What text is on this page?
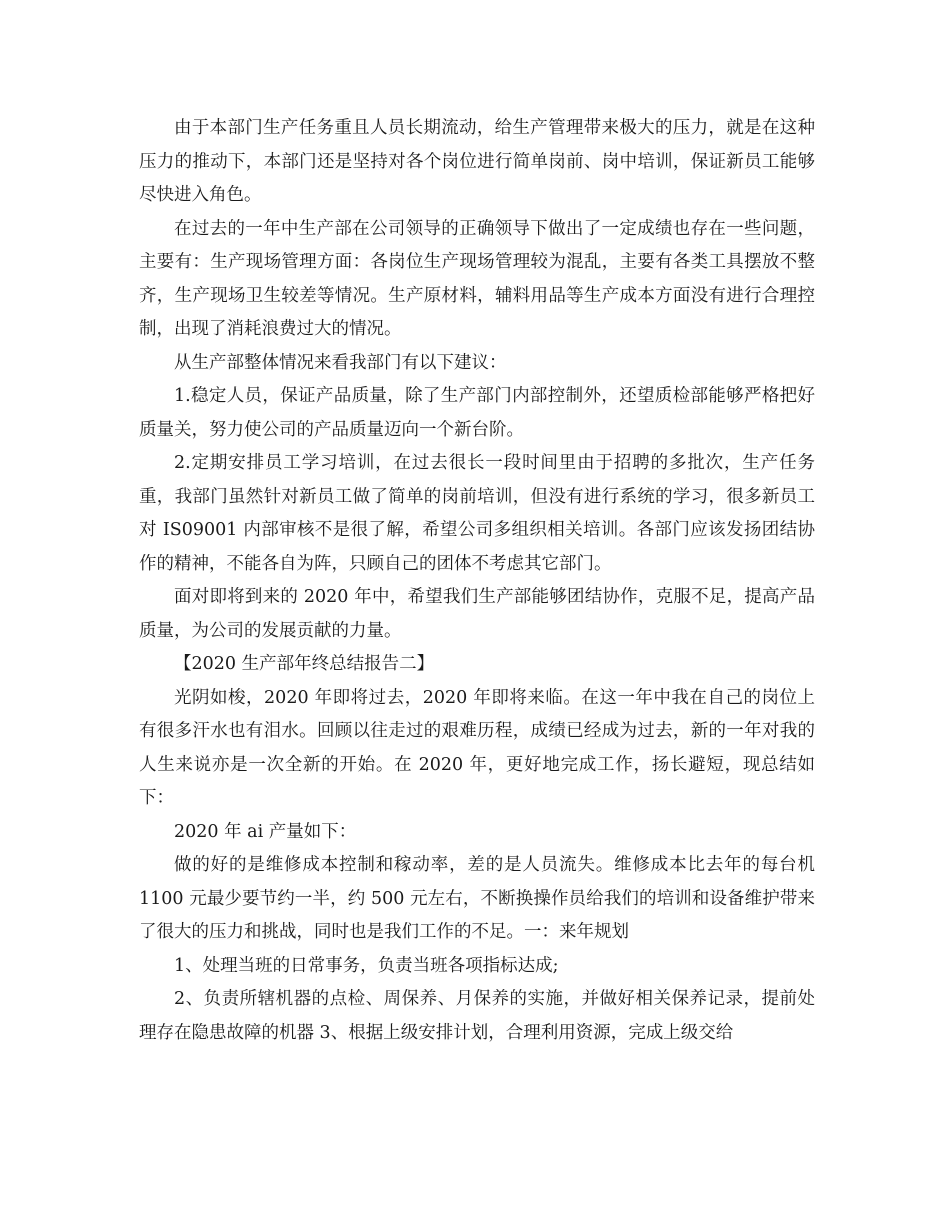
由于本部门生产任务重且人员长期流动，给生产管理带来极大的压力，就是在这种压力的推动下，本部门还是坚持对各个岗位进行简单岗前、岗中培训，保证新员工能够尽快进入角色。

在过去的一年中生产部在公司领导的正确领导下做出了一定成绩也存在一些问题，主要有：生产现场管理方面：各岗位生产现场管理较为混乱，主要有各类工具摆放不整齐，生产现场卫生较差等情况。生产原材料，辅料用品等生产成本方面没有进行合理控制，出现了消耗浪费过大的情况。

从生产部整体情况来看我部门有以下建议：

1.稳定人员，保证产品质量，除了生产部门内部控制外，还望质检部能够严格把好质量关，努力使公司的产品质量迈向一个新台阶。

2.定期安排员工学习培训，在过去很长一段时间里由于招聘的多批次，生产任务重，我部门虽然针对新员工做了简单的岗前培训，但没有进行系统的学习，很多新员工对 IS09001 内部审核不是很了解，希望公司多组织相关培训。各部门应该发扬团结协作的精神，不能各自为阵，只顾自己的团体不考虑其它部门。

面对即将到来的 2020 年中，希望我们生产部能够团结协作，克服不足，提高产品质量，为公司的发展贡献的力量。

【2020 生产部年终总结报告二】

光阴如梭，2020 年即将过去，2020 年即将来临。在这一年中我在自己的岗位上有很多汗水也有泪水。回顾以往走过的艰难历程，成绩已经成为过去，新的一年对我的人生来说亦是一次全新的开始。在 2020 年，更好地完成工作，扬长避短，现总结如下：

2020 年 ai 产量如下：

做的好的是维修成本控制和稼动率，差的是人员流失。维修成本比去年的每台机 1100 元最少要节约一半，约 500 元左右，不断换操作员给我们的培训和设备维护带来了很大的压力和挑战，同时也是我们工作的不足。一：来年规划

1、处理当班的日常事务，负责当班各项指标达成;

2、负责所辖机器的点检、周保养、月保养的实施，并做好相关保养记录，提前处理存在隐患故障的机器 3、根据上级安排计划，合理利用资源，完成上级交给
